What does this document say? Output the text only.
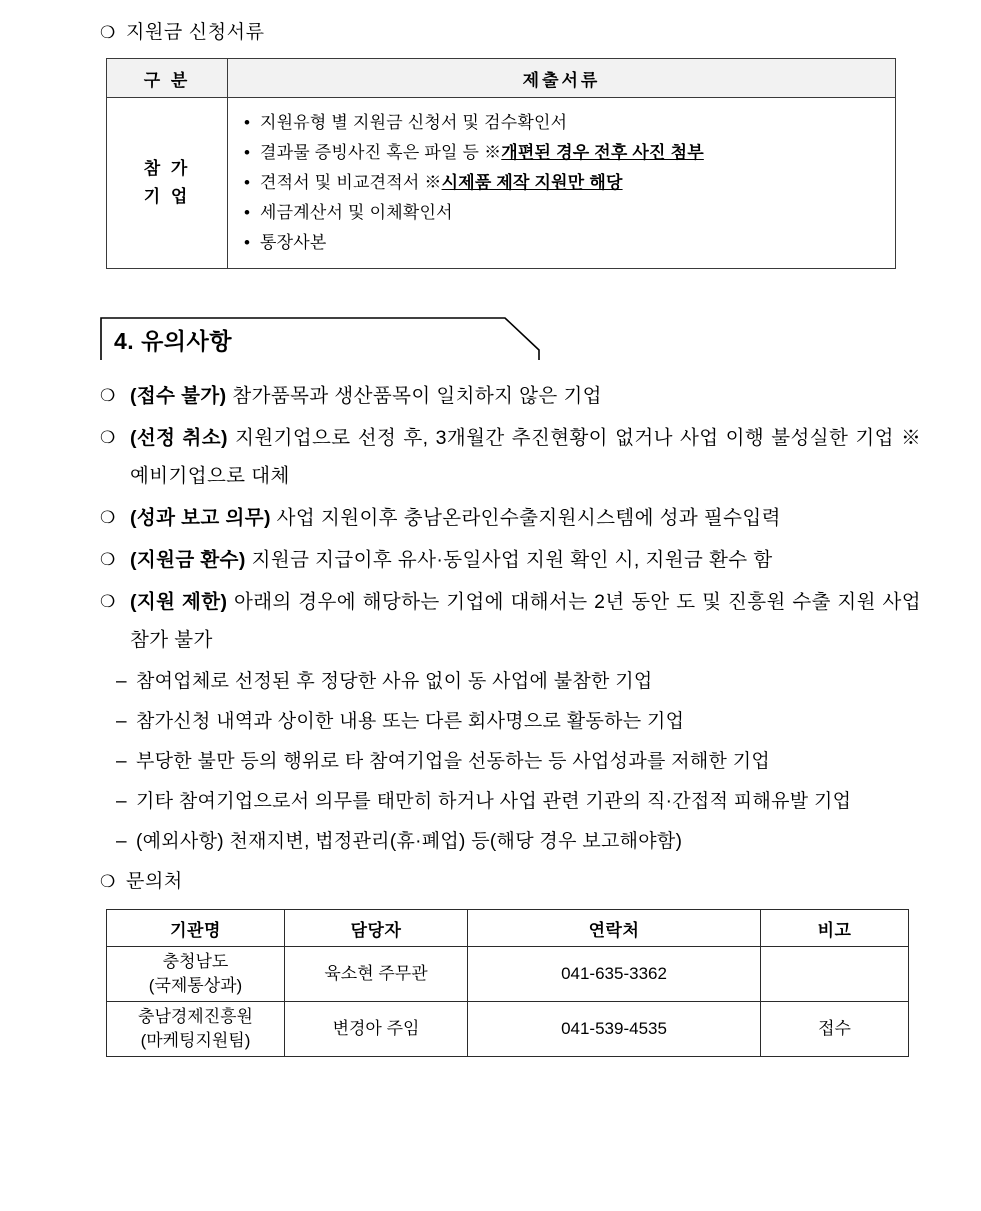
❍ 지원금 신청서류
구 분	제출서류

참 가
기 업

• 지원유형 별 지원금 신청서 및 검수확인서
• 결과물 증빙사진 혹은 파일 등 ※개편된 경우 전후 사진 첨부
• 견적서 및 비교견적서 ※시제품 제작 지원만 해당
• 세금계산서 및 이체확인서
• 통장사본
4. 유의사항
❍ (접수 불가) 참가품목과 생산품목이 일치하지 않은 기업
❍ (선정 취소) 지원기업으로 선정 후, 3개월간 추진현황이 없거나 사업 이행 불성실한 기업 ※예비기업으로 대체
❍ (성과 보고 의무) 사업 지원이후 충남온라인수출지원시스템에 성과 필수입력
❍ (지원금 환수) 지원금 지급이후 유사·동일사업 지원 확인 시, 지원금 환수 함
❍ (지원 제한) 아래의 경우에 해당하는 기업에 대해서는 2년 동안 도 및 진흥원 수출 지원 사업 참가 불가
– 참여업체로 선정된 후 정당한 사유 없이 동 사업에 불참한 기업
– 참가신청 내역과 상이한 내용 또는 다른 회사명으로 활동하는 기업
– 부당한 불만 등의 행위로 타 참여기업을 선동하는 등 사업성과를 저해한 기업
– 기타 참여기업으로서 의무를 태만히 하거나 사업 관련 기관의 직·간접적 피해유발 기업
– (예외사항) 천재지변, 법정관리(휴·폐업) 등(해당 경우 보고해야함)
❍ 문의처
기관명	담당자	연락처	비고

충청남도
(국제통상과)	육소현 주무관	041-635-3362	

충남경제진흥원
(마케팅지원팀)	변경아 주임	041-539-4535	접수
